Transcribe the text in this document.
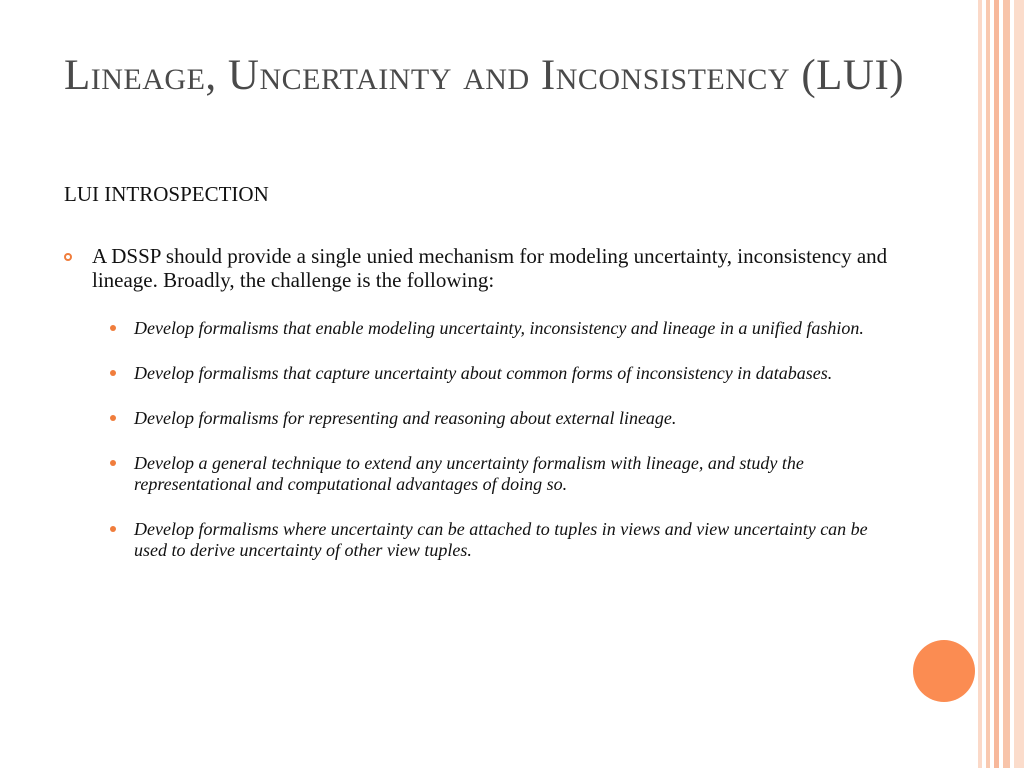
Lineage, Uncertainty and Inconsistency (LUI)
LUI INTROSPECTION
A DSSP should provide a single unied mechanism for modeling uncertainty, inconsistency and lineage. Broadly, the challenge is the following:
Develop formalisms that enable modeling uncertainty, inconsistency and lineage in a unified fashion.
Develop formalisms that capture uncertainty about common forms of inconsistency in databases.
Develop formalisms for representing and reasoning about external lineage.
Develop a general technique to extend any uncertainty formalism with lineage, and study the representational and computational advantages of doing so.
Develop formalisms where uncertainty can be attached to tuples in views and view uncertainty can be used to derive uncertainty of other view tuples.
